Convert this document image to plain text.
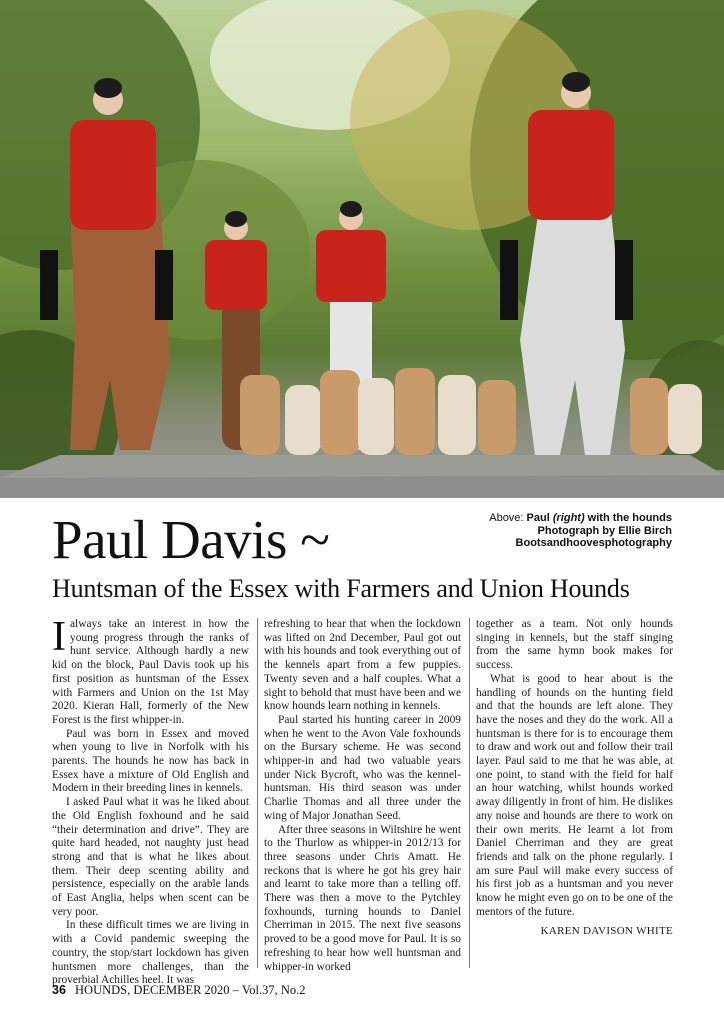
Paul Davis ~	Above: Paul (right) with the hounds
Photograph by Ellie Birch
Bootsandhoovesphotography
Huntsman of the Essex with Farmers and Union Hounds

Ialways take an interest in how the young progress through the ranks of hunt service. Although hardly a new kid on the block, Paul Davis took up his first position as huntsman of the Essex with Farmers and Union on the 1st May 2020. Kieran Hall, formerly of the New Forest is the first whipper-in.

Paul was born in Essex and moved when young to live in Norfolk with his parents. The hounds he now has back in Essex have a mixture of Old English and Modern in their breeding lines in kennels.

I asked Paul what it was he liked about the Old English foxhound and he said “their determination and drive”. They are quite hard headed, not naughty just head strong and that is what he likes about them. Their deep scenting ability and persistence, especially on the arable lands of East Anglia, helps when scent can be very poor.

In these difficult times we are living in with a Covid pandemic sweeping the country, the stop/start lockdown has given huntsmen more challenges, than the proverbial Achilles heel. It was

refreshing to hear that when the lockdown was lifted on 2nd December, Paul got out with his hounds and took everything out of the kennels apart from a few puppies. Twenty seven and a half couples. What a sight to behold that must have been and we know hounds learn nothing in kennels.

Paul started his hunting career in 2009 when he went to the Avon Vale foxhounds on the Bursary scheme. He was second whipper-in and had two valuable years under Nick Bycroft, who was the kennel-huntsman. His third season was under Charlie Thomas and all three under the wing of Major Jonathan Seed.

After three seasons in Wiltshire he went to the Thurlow as whipper-in 2012/13 for three seasons under Chris Amatt. He reckons that is where he got his grey hair and learnt to take more than a telling off. There was then a move to the Pytchley foxhounds, turning hounds to Daniel Cherriman in 2015. The next five seasons proved to be a good move for Paul. It is so refreshing to hear how well huntsman and whipper-in worked

together as a team. Not only hounds singing in kennels, but the staff singing from the same hymn book makes for success.

What is good to hear about is the handling of hounds on the hunting field and that the hounds are left alone. They have the noses and they do the work. All a huntsman is there for is to encourage them to draw and work out and follow their trail layer. Paul said to me that he was able, at one point, to stand with the field for half an hour watching, whilst hounds worked away diligently in front of him. He dislikes any noise and hounds are there to work on their own merits. He learnt a lot from Daniel Cherriman and they are great friends and talk on the phone regularly. I am sure Paul will make every success of his first job as a huntsman and you never know he might even go on to be one of the mentors of the future.

KAREN DAVISON WHITE
36 HOUNDS, DECEMBER 2020 – Vol.37, No.2
